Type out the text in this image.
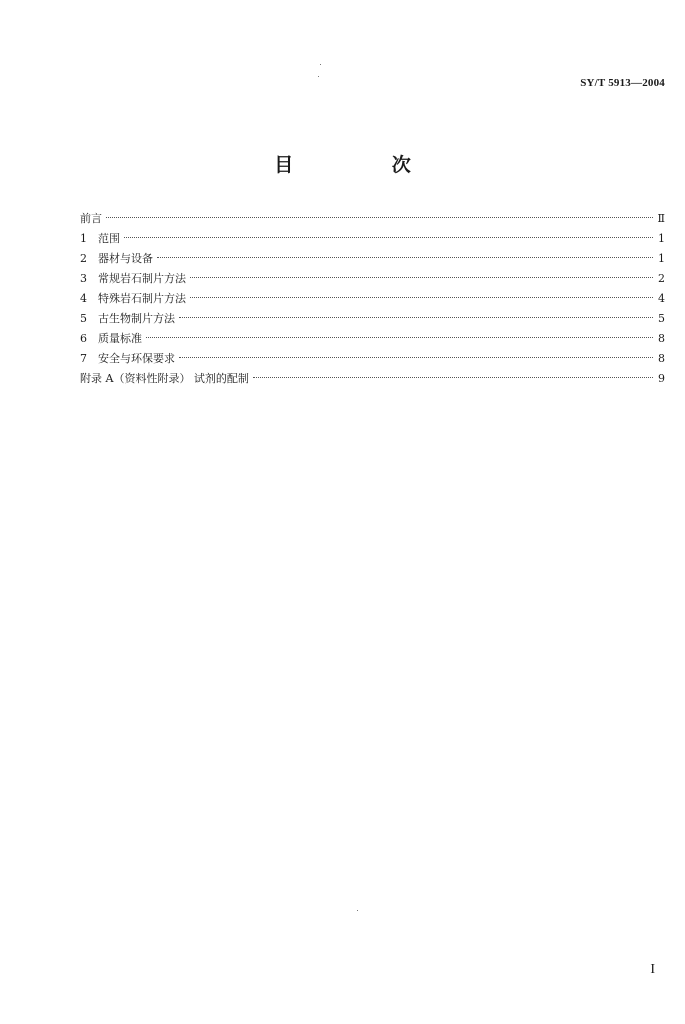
SY/T 5913—2004
目 次
前言	Ⅱ
1 范围	1
2 器材与设备	1
3 常规岩石制片方法	2
4 特殊岩石制片方法	4
5 古生物制片方法	5
6 质量标准	8
7 安全与环保要求	8
附录 A（资料性附录） 试剂的配制	9
I
